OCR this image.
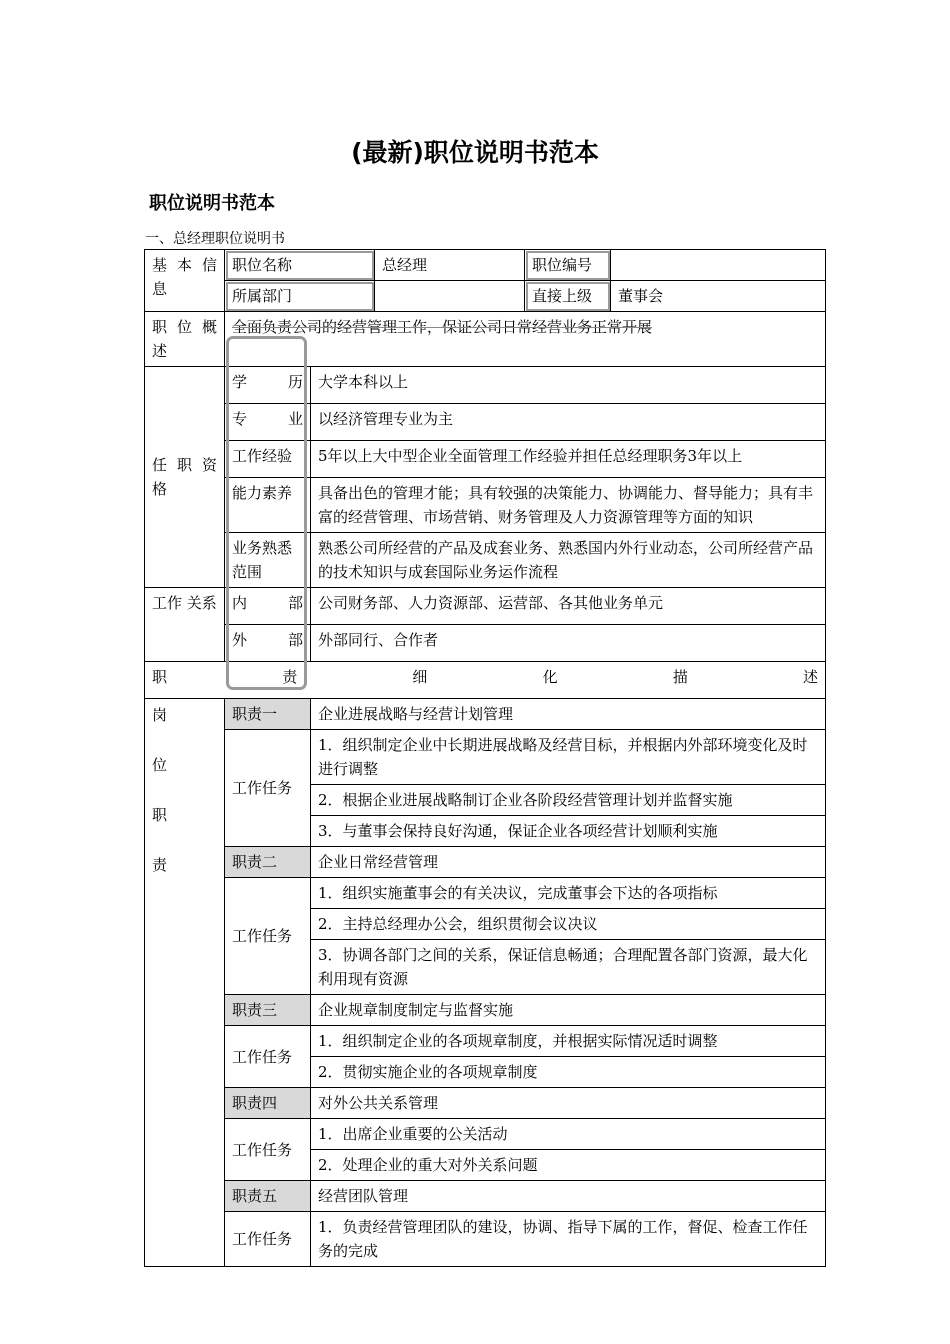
(最新)职位说明书范本
职位说明书范本
一、总经理职位说明书
基 本 信 息	职位名称		总经理	职位编号	
	所属部门			直接上级	董事会
职 位 概 述	全面负责公司的经营管理工作，保证公司日常经营业务正常开展				
任 职 资 格	学 历	大学本科以上			
	专 业	以经济管理专业为主			
	工作经验	5年以上大中型企业全面管理工作经验并担任总经理职务3年以上			
	能力素养	具备出色的管理才能；具有较强的决策能力、协调能力、督导能力；具有丰富的经营管理、市场营销、财务管理及人力资源管理等方面的知识			
	业务熟悉范围	熟悉公司所经营的产品及成套业务、熟悉国内外行业动态，公司所经营产品的技术知识与成套国际业务运作流程			
工作 关系	内 部	公司财务部、人力资源部、运营部、各其他业务单元			
	外 部	外部同行、合作者			
职 责 细 化 描 述					
岗
位
职
责	职责一	企业进展战略与经营计划管理
	工作任务	1．组织制定企业中长期进展战略及经营目标，并根据内外部环境变化及时进行调整
		2．根据企业进展战略制订企业各阶段经营管理计划并监督实施
		3．与董事会保持良好沟通，保证企业各项经营计划顺利实施
	职责二	企业日常经营管理
	工作任务	1．组织实施董事会的有关决议，完成董事会下达的各项指标
		2．主持总经理办公会，组织贯彻会议决议
		3．协调各部门之间的关系，保证信息畅通；合理配置各部门资源，最大化利用现有资源
	职责三	企业规章制度制定与监督实施
	工作任务	1．组织制定企业的各项规章制度，并根据实际情况适时调整
		2．贯彻实施企业的各项规章制度
	职责四	对外公共关系管理
	工作任务	1．出席企业重要的公关活动
		2．处理企业的重大对外关系问题
	职责五	经营团队管理
	工作任务	1．负责经营管理团队的建设，协调、指导下属的工作，督促、检查工作任务的完成
